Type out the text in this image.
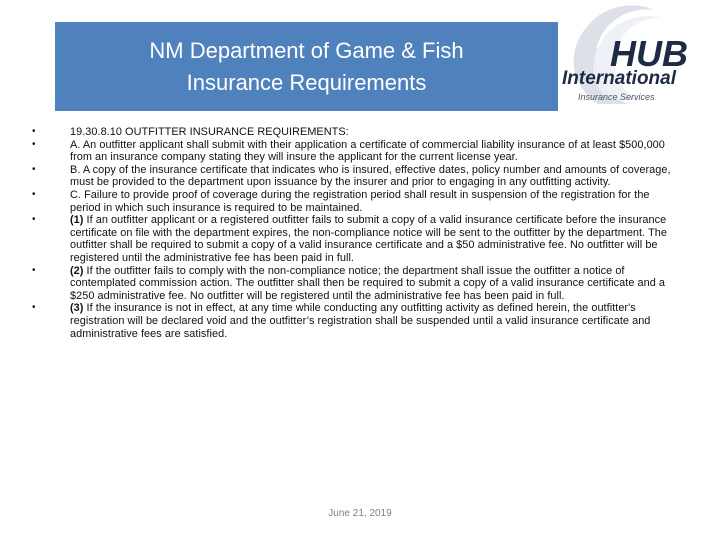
NM Department of Game & Fish
Insurance Requirements
HUB
International
Insurance Services
•	19.30.8.10 OUTFITTER INSURANCE REQUIREMENTS:
•	A. An outfitter applicant shall submit with their application a certificate of commercial liability insurance of at least $500,000 from an insurance company stating they will insure the applicant for the current license year.
•	B. A copy of the insurance certificate that indicates who is insured, effective dates, policy number and amounts of coverage, must be provided to the department upon issuance by the insurer and prior to engaging in any outfitting activity.
•	C. Failure to provide proof of coverage during the registration period shall result in suspension of the registration for the period in which such insurance is required to be maintained.
•	(1) If an outfitter applicant or a registered outfitter fails to submit a copy of a valid insurance certificate before the insurance certificate on file with the department expires, the non-compliance notice will be sent to the outfitter by the department. The outfitter shall be required to submit a copy of a valid insurance certificate and a $50 administrative fee. No outfitter will be registered until the administrative fee has been paid in full.
•	(2) If the outfitter fails to comply with the non-compliance notice; the department shall issue the outfitter a notice of contemplated commission action. The outfitter shall then be required to submit a copy of a valid insurance certificate and a $250 administrative fee. No outfitter will be registered until the administrative fee has been paid in full.
•	(3) If the insurance is not in effect, at any time while conducting any outfitting activity as defined herein, the outfitter's registration will be declared void and the outfitter’s registration shall be suspended until a valid insurance certificate and administrative fees are satisfied.
June 21, 2019
